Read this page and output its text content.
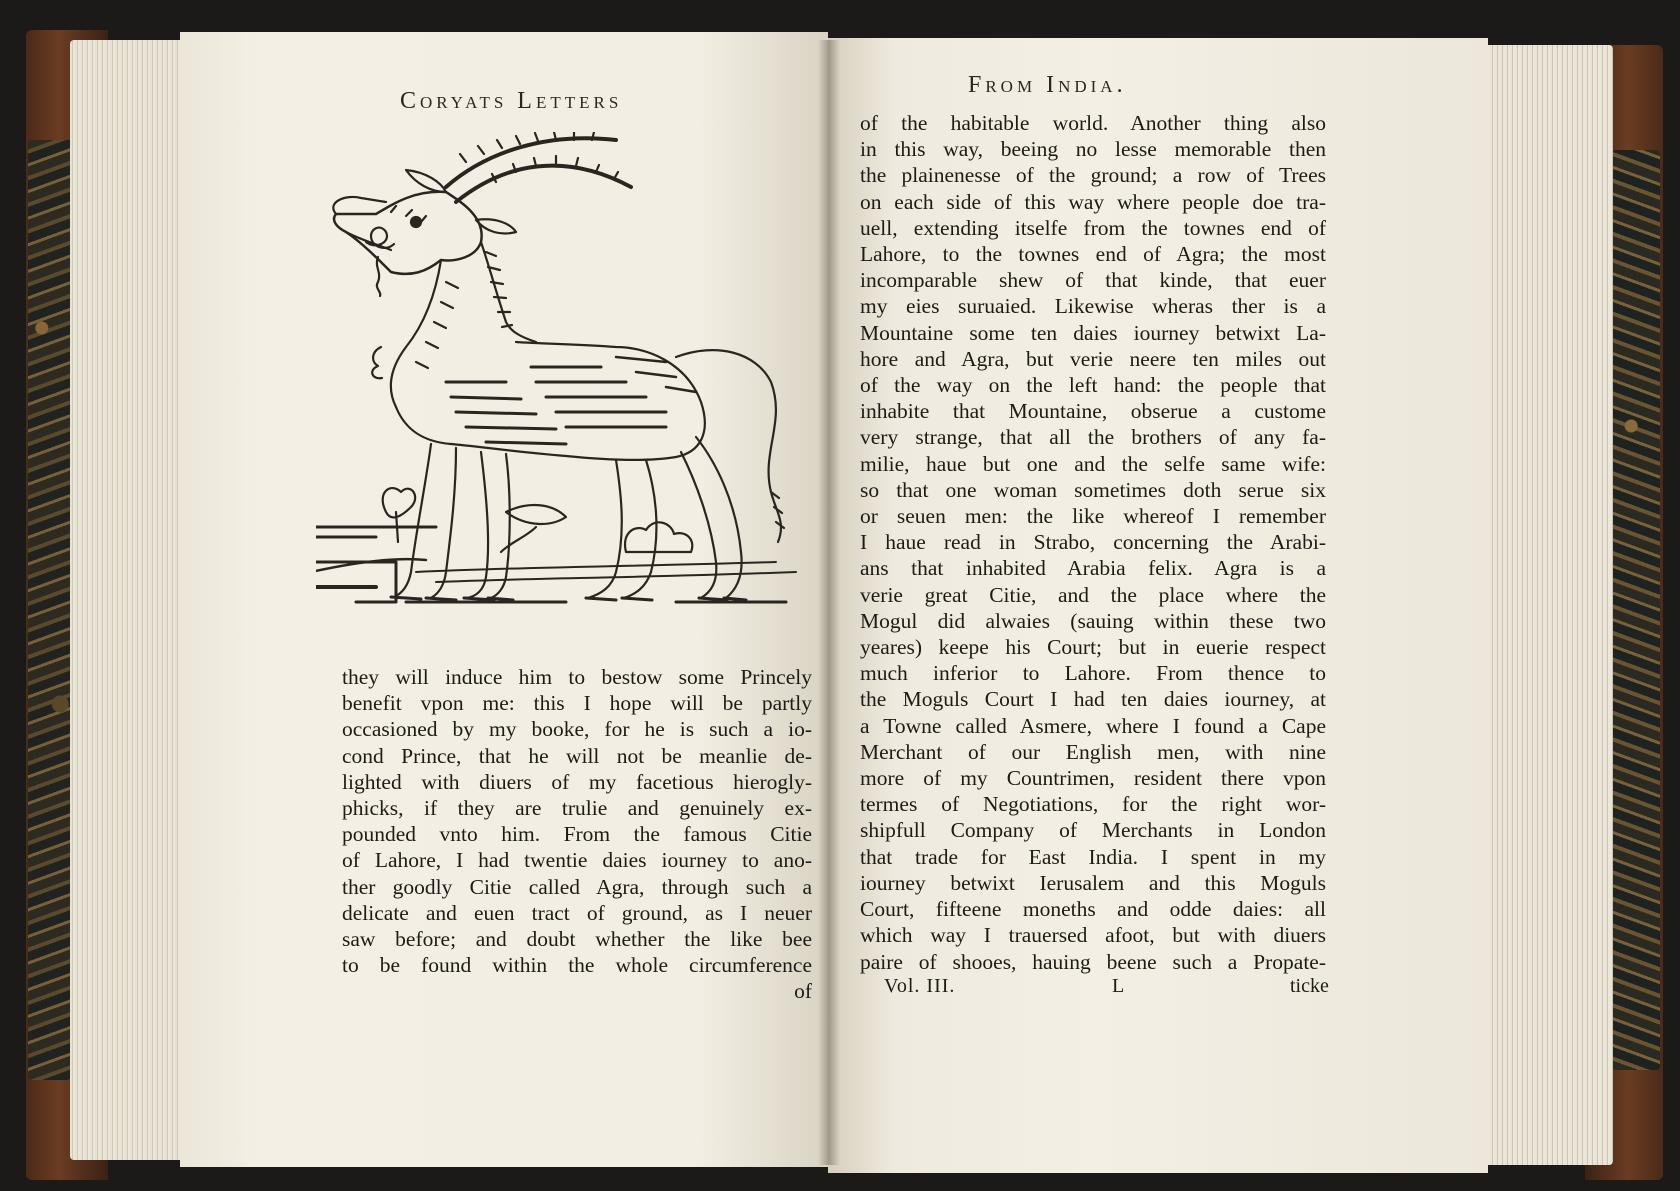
Coryats Letters
From India.
they will induce him to bestow some Princely
benefit vpon me: this I hope will be partly
occasioned by my booke, for he is such a io-
cond Prince, that he will not be meanlie de-
lighted with diuers of my facetious hierogly-
phicks, if they are trulie and genuinely ex-
pounded vnto him. From the famous Citie
of Lahore, I had twentie daies iourney to ano-
ther goodly Citie called Agra, through such a
delicate and euen tract of ground, as I neuer
saw before; and doubt whether the like bee
to be found within the whole circumference
of
of the habitable world. Another thing also
in this way, beeing no lesse memorable then
the plainenesse of the ground; a row of Trees
on each side of this way where people doe tra-
uell, extending itselfe from the townes end of
Lahore, to the townes end of Agra; the most
incomparable shew of that kinde, that euer
my eies suruaied. Likewise wheras ther is a
Mountaine some ten daies iourney betwixt La-
hore and Agra, but verie neere ten miles out
of the way on the left hand: the people that
inhabite that Mountaine, obserue a custome
very strange, that all the brothers of any fa-
milie, haue but one and the selfe same wife:
so that one woman sometimes doth serue six
or seuen men: the like whereof I remember
I haue read in Strabo, concerning the Arabi-
ans that inhabited Arabia felix. Agra is a
verie great Citie, and the place where the
Mogul did alwaies (sauing within these two
yeares) keepe his Court; but in euerie respect
much inferior to Lahore. From thence to
the Moguls Court I had ten daies iourney, at
a Towne called Asmere, where I found a Cape
Merchant of our English men, with nine
more of my Countrimen, resident there vpon
termes of Negotiations, for the right wor-
shipfull Company of Merchants in London
that trade for East India. I spent in my
iourney betwixt Ierusalem and this Moguls
Court, fifteene moneths and odde daies: all
which way I trauersed afoot, but with diuers
paire of shooes, hauing beene such a Propate-
Vol. III.	L	ticke
